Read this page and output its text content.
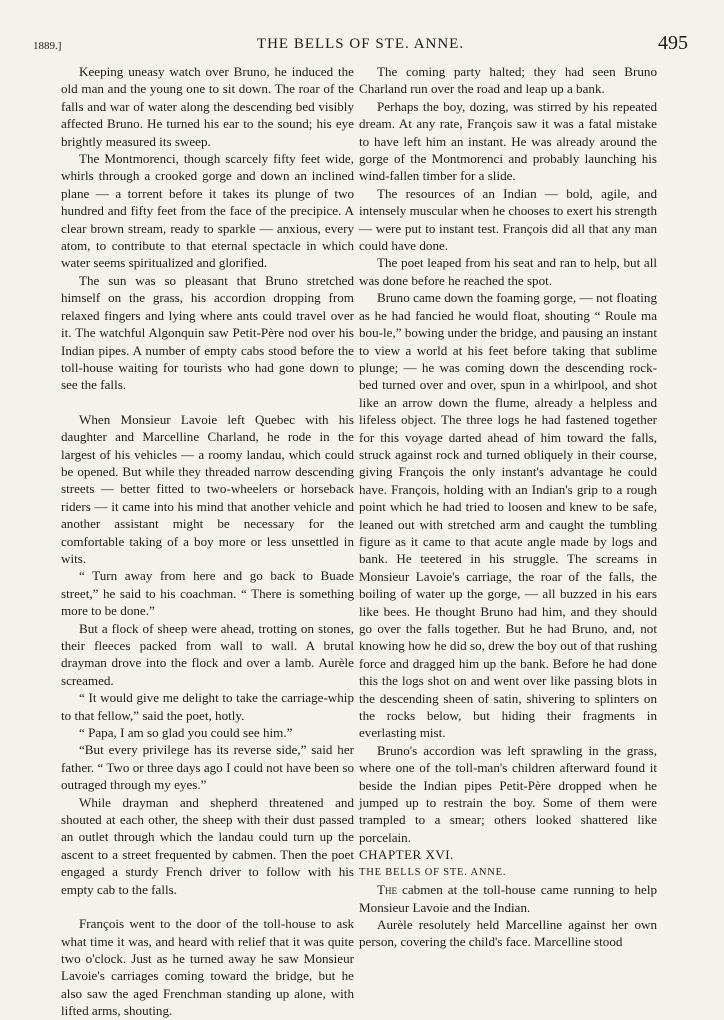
1889.]	THE BELLS OF STE. ANNE.	495

Keeping uneasy watch over Bruno, he induced the old man and the young one to sit down. The roar of the falls and war of water along the descending bed visibly affected Bruno. He turned his ear to the sound; his eye brightly measured its sweep.

The Montmorenci, though scarcely fifty feet wide, whirls through a crooked gorge and down an inclined plane — a torrent before it takes its plunge of two hundred and fifty feet from the face of the precipice. A clear brown stream, ready to sparkle — anxious, every atom, to contribute to that eternal spectacle in which water seems spiritualized and glorified.

The sun was so pleasant that Bruno stretched himself on the grass, his accordion dropping from relaxed fingers and lying where ants could travel over it. The watchful Algonquin saw Petit-Père nod over his Indian pipes. A number of empty cabs stood before the toll-house waiting for tourists who had gone down to see the falls.

When Monsieur Lavoie left Quebec with his daughter and Marcelline Charland, he rode in the largest of his vehicles — a roomy landau, which could be opened. But while they threaded narrow descending streets — better fitted to two-wheelers or horseback riders — it came into his mind that another vehicle and another assistant might be necessary for the comfortable taking of a boy more or less unsettled in wits.

“ Turn away from here and go back to Buade street,” he said to his coachman. “ There is something more to be done.”

But a flock of sheep were ahead, trotting on stones, their fleeces packed from wall to wall. A brutal drayman drove into the flock and over a lamb. Aurèle screamed.

“ It would give me delight to take the carriage-whip to that fellow,” said the poet, hotly.

“ Papa, I am so glad you could see him.”

“But every privilege has its reverse side,” said her father. “ Two or three days ago I could not have been so outraged through my eyes.”

While drayman and shepherd threatened and shouted at each other, the sheep with their dust passed an outlet through which the landau could turn up the ascent to a street frequented by cabmen. Then the poet engaged a sturdy French driver to follow with his empty cab to the falls.

François went to the door of the toll-house to ask what time it was, and heard with relief that it was quite two o'clock. Just as he turned away he saw Monsieur Lavoie's carriages coming toward the bridge, but he also saw the aged Frenchman standing up alone, with lifted arms, shouting.

The coming party halted; they had seen Bruno Charland run over the road and leap up a bank.

Perhaps the boy, dozing, was stirred by his repeated dream. At any rate, François saw it was a fatal mistake to have left him an instant. He was already around the gorge of the Montmorenci and probably launching his wind-fallen timber for a slide.

The resources of an Indian — bold, agile, and intensely muscular when he chooses to exert his strength — were put to instant test. François did all that any man could have done.

The poet leaped from his seat and ran to help, but all was done before he reached the spot.

Bruno came down the foaming gorge, — not floating as he had fancied he would float, shouting “ Roule ma bou-le,” bowing under the bridge, and pausing an instant to view a world at his feet before taking that sublime plunge; — he was coming down the descending rock-bed turned over and over, spun in a whirlpool, and shot like an arrow down the flume, already a helpless and lifeless object. The three logs he had fastened together for this voyage darted ahead of him toward the falls, struck against rock and turned obliquely in their course, giving François the only instant's advantage he could have. François, holding with an Indian's grip to a rough point which he had tried to loosen and knew to be safe, leaned out with stretched arm and caught the tumbling figure as it came to that acute angle made by logs and bank. He teetered in his struggle. The screams in Monsieur Lavoie's carriage, the roar of the falls, the boiling of water up the gorge, — all buzzed in his ears like bees. He thought Bruno had him, and they should go over the falls together. But he had Bruno, and, not knowing how he did so, drew the boy out of that rushing force and dragged him up the bank. Before he had done this the logs shot on and went over like passing blots in the descending sheen of satin, shivering to splinters on the rocks below, but hiding their fragments in everlasting mist.

Bruno's accordion was left sprawling in the grass, where one of the toll-man's children afterward found it beside the Indian pipes Petit-Père dropped when he jumped up to restrain the boy. Some of them were trampled to a smear; others looked shattered like porcelain.

CHAPTER XVI.

THE BELLS OF STE. ANNE.

The cabmen at the toll-house came running to help Monsieur Lavoie and the Indian.

Aurèle resolutely held Marcelline against her own person, covering the child's face. Marcelline stood
